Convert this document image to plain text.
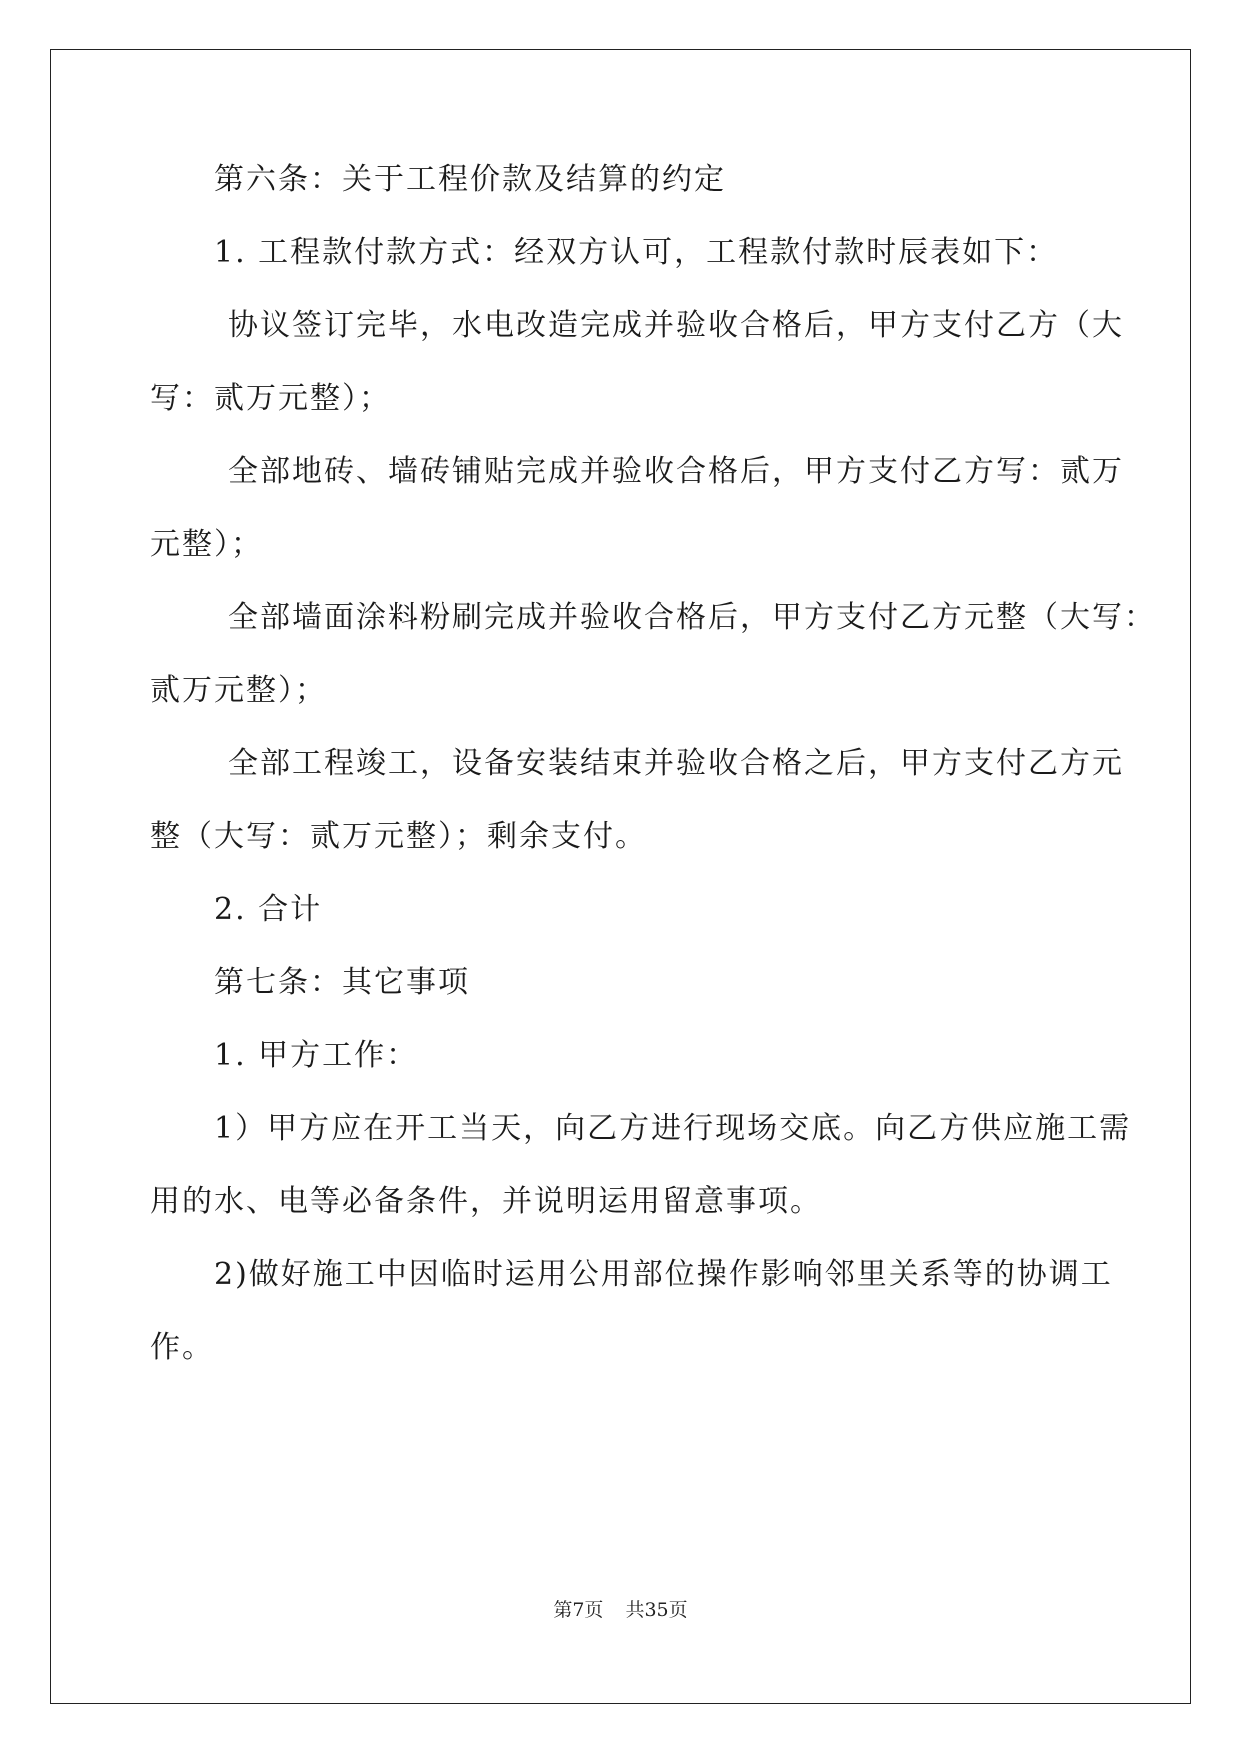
第六条：关于工程价款及结算的约定
1. 工程款付款方式：经双方认可，工程款付款时辰表如下：
协议签订完毕，水电改造完成并验收合格后，甲方支付乙方（大
写：贰万元整）；
全部地砖、墙砖铺贴完成并验收合格后，甲方支付乙方写：贰万
元整）；
全部墙面涂料粉刷完成并验收合格后，甲方支付乙方元整（大写：
贰万元整）；
全部工程竣工，设备安装结束并验收合格之后，甲方支付乙方元
整（大写：贰万元整）；剩余支付。
2. 合计
第七条：其它事项
1. 甲方工作：
1）甲方应在开工当天，向乙方进行现场交底。向乙方供应施工需
用的水、电等必备条件，并说明运用留意事项。
2)做好施工中因临时运用公用部位操作影响邻里关系等的协调工
作。
第7页 共35页
